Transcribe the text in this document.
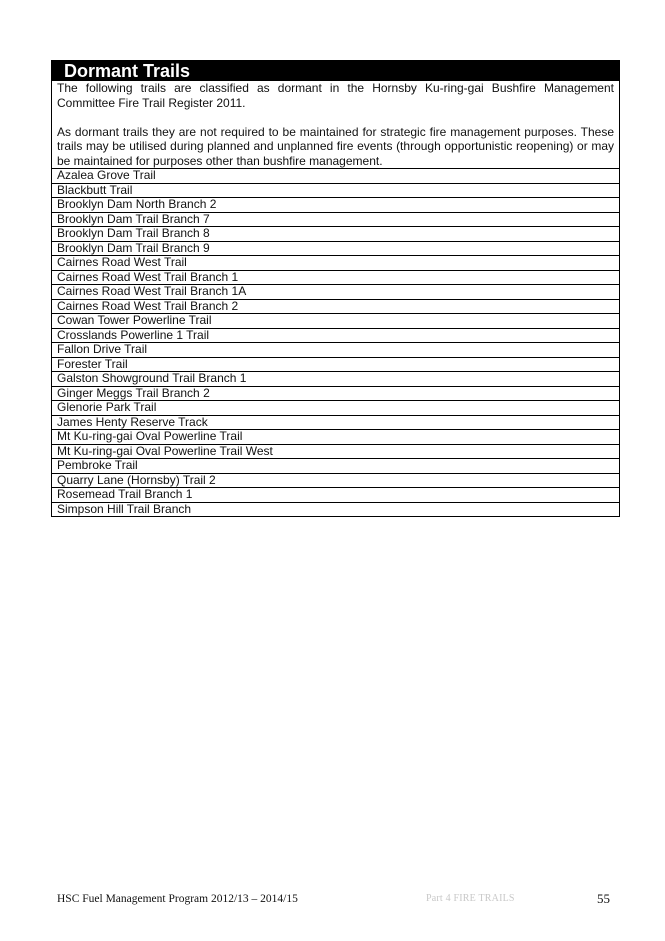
Dormant Trails

The following trails are classified as dormant in the Hornsby Ku-ring-gai Bushfire Management Committee Fire Trail Register 2011.

As dormant trails they are not required to be maintained for strategic fire management purposes. These trails may be utilised during planned and unplanned fire events (through opportunistic reopening) or may be maintained for purposes other than bushfire management.

Azalea Grove Trail
Blackbutt Trail
Brooklyn Dam North Branch 2
Brooklyn Dam Trail Branch 7
Brooklyn Dam Trail Branch 8
Brooklyn Dam Trail Branch 9
Cairnes Road West Trail
Cairnes Road West Trail Branch 1
Cairnes Road West Trail Branch 1A
Cairnes Road West Trail Branch 2
Cowan Tower Powerline Trail
Crosslands Powerline 1 Trail
Fallon Drive Trail
Forester Trail
Galston Showground Trail Branch 1
Ginger Meggs Trail Branch 2
Glenorie Park Trail
James Henty Reserve Track
Mt Ku-ring-gai Oval Powerline Trail
Mt Ku-ring-gai Oval Powerline Trail West
Pembroke Trail
Quarry Lane (Hornsby) Trail 2
Rosemead Trail Branch 1
Simpson Hill Trail Branch
HSC Fuel Management Program 2012/13 – 2014/15	Part 4 FIRE TRAILS	55
